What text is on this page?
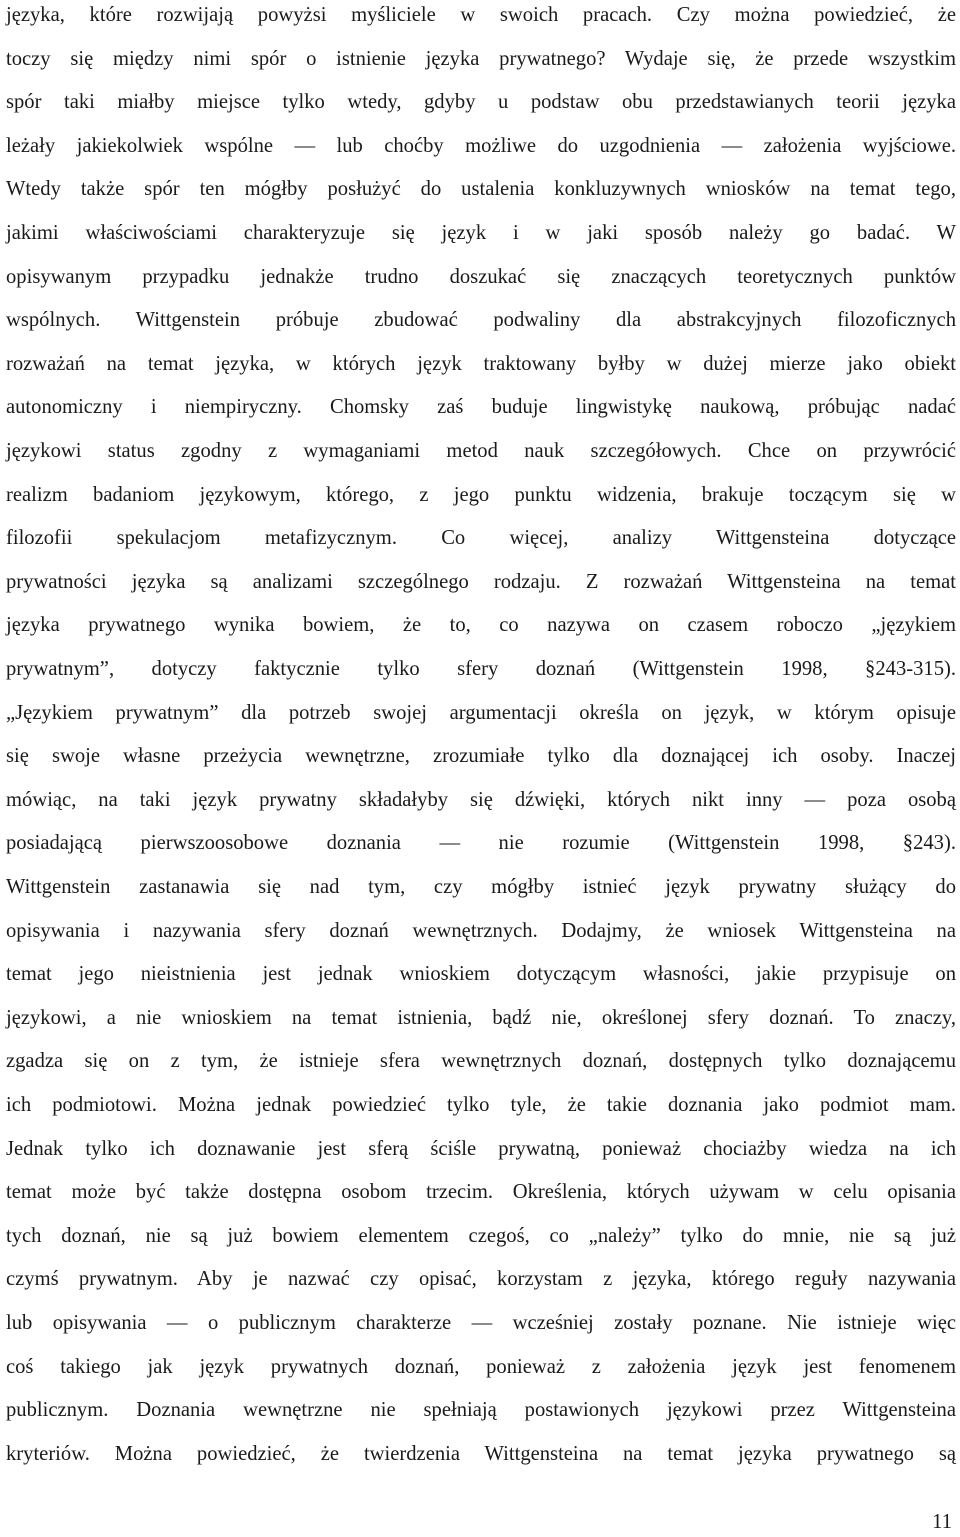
języka, które rozwijają powyżsi myśliciele w swoich pracach. Czy można powiedzieć, że
toczy się między nimi spór o istnienie języka prywatnego? Wydaje się, że przede wszystkim
spór taki miałby miejsce tylko wtedy, gdyby u podstaw obu przedstawianych teorii języka
leżały jakiekolwiek wspólne — lub choćby możliwe do uzgodnienia — założenia wyjściowe.
Wtedy także spór ten mógłby posłużyć do ustalenia konkluzywnych wniosków na temat tego,
jakimi właściwościami charakteryzuje się język i w jaki sposób należy go badać. W
opisywanym przypadku jednakże trudno doszukać się znaczących teoretycznych punktów
wspólnych. Wittgenstein próbuje zbudować podwaliny dla abstrakcyjnych filozoficznych
rozważań na temat języka, w których język traktowany byłby w dużej mierze jako obiekt
autonomiczny i niempiryczny. Chomsky zaś buduje lingwistykę naukową, próbując nadać
językowi status zgodny z wymaganiami metod nauk szczegółowych. Chce on przywrócić
realizm badaniom językowym, którego, z jego punktu widzenia, brakuje toczącym się w
filozofii spekulacjom metafizycznym. Co więcej, analizy Wittgensteina dotyczące
prywatności języka są analizami szczególnego rodzaju. Z rozważań Wittgensteina na temat
języka prywatnego wynika bowiem, że to, co nazywa on czasem roboczo „językiem
prywatnym”, dotyczy faktycznie tylko sfery doznań (Wittgenstein 1998, §243-315).
„Językiem prywatnym” dla potrzeb swojej argumentacji określa on język, w którym opisuje
się swoje własne przeżycia wewnętrzne, zrozumiałe tylko dla doznającej ich osoby. Inaczej
mówiąc, na taki język prywatny składałyby się dźwięki, których nikt inny — poza osobą
posiadającą pierwszoosobowe doznania — nie rozumie (Wittgenstein 1998, §243).
Wittgenstein zastanawia się nad tym, czy mógłby istnieć język prywatny służący do
opisywania i nazywania sfery doznań wewnętrznych. Dodajmy, że wniosek Wittgensteina na
temat jego nieistnienia jest jednak wnioskiem dotyczącym własności, jakie przypisuje on
językowi, a nie wnioskiem na temat istnienia, bądź nie, określonej sfery doznań. To znaczy,
zgadza się on z tym, że istnieje sfera wewnętrznych doznań, dostępnych tylko doznającemu
ich podmiotowi. Można jednak powiedzieć tylko tyle, że takie doznania jako podmiot mam.
Jednak tylko ich doznawanie jest sferą ściśle prywatną, ponieważ chociażby wiedza na ich
temat może być także dostępna osobom trzecim. Określenia, których używam w celu opisania
tych doznań, nie są już bowiem elementem czegoś, co „należy” tylko do mnie, nie są już
czymś prywatnym. Aby je nazwać czy opisać, korzystam z języka, którego reguły nazywania
lub opisywania — o publicznym charakterze — wcześniej zostały poznane. Nie istnieje więc
coś takiego jak język prywatnych doznań, ponieważ z założenia język jest fenomenem
publicznym. Doznania wewnętrzne nie spełniają postawionych językowi przez Wittgensteina
kryteriów. Można powiedzieć, że twierdzenia Wittgensteina na temat języka prywatnego są
11
